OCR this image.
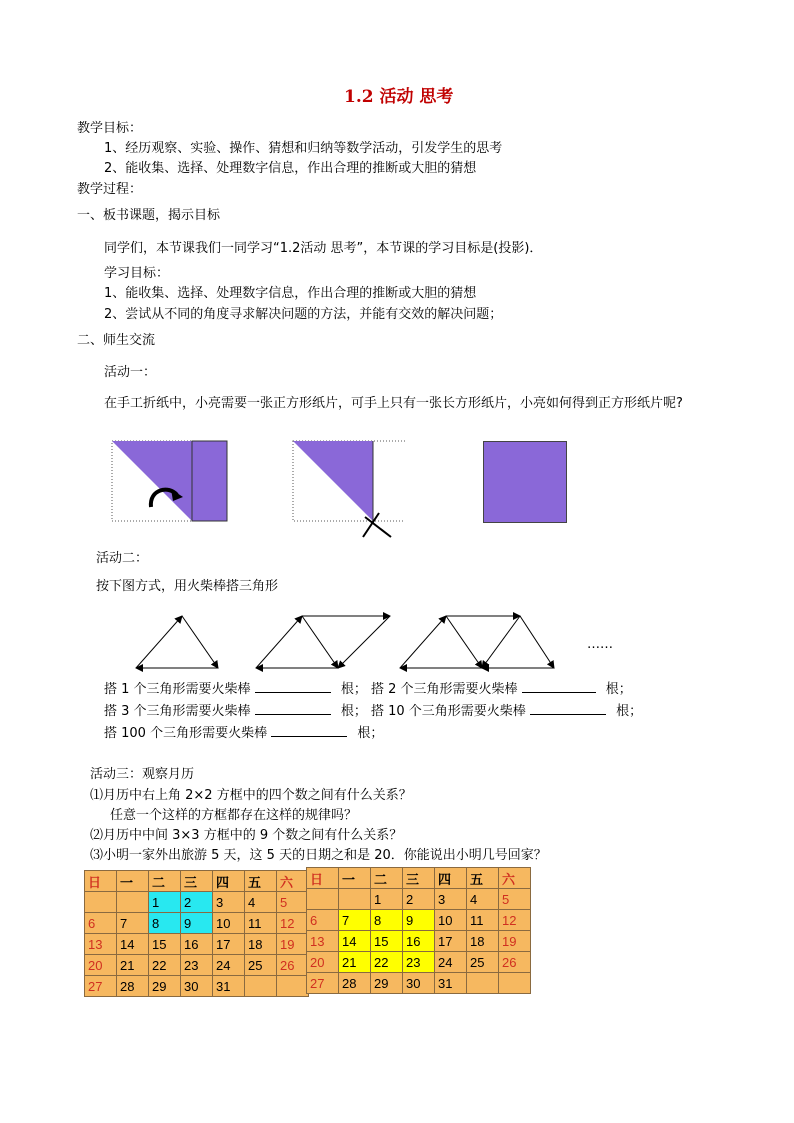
1.2 活动 思考
教学目标：
1、经历观察、实验、操作、猜想和归纳等数学活动，引发学生的思考
2、能收集、选择、处理数字信息，作出合理的推断或大胆的猜想
教学过程：
一、板书课题，揭示目标
同学们，本节课我们一同学习“1.2活动 思考”，本节课的学习目标是(投影)．
学习目标：
1、能收集、选择、处理数字信息，作出合理的推断或大胆的猜想
2、尝试从不同的角度寻求解决问题的方法，并能有交效的解决问题；
二、师生交流
活动一：
在手工折纸中，小亮需要一张正方形纸片，可手上只有一张长方形纸片，小亮如何得到正方形纸片呢?
活动二：
按下图方式，用火柴棒搭三角形
……
搭 1 个三角形需要火柴棒	根； 搭 2 个三角形需要火柴棒	根；
搭 3 个三角形需要火柴棒	根； 搭 10 个三角形需要火柴棒	根；
搭 100 个三角形需要火柴棒	根；
活动三：观察月历
⑴月历中右上角 2×2 方框中的四个数之间有什么关系？
任意一个这样的方框都存在这样的规律吗？
⑵月历中中间 3×3 方框中的 9 个数之间有什么关系？
⑶小明一家外出旅游 5 天，这 5 天的日期之和是 20．你能说出小明几号回家？
日	一	二	三	四	五	六
		1	2	3	4	5
6	7	8	9	10	11	12
13	14	15	16	17	18	19
20	21	22	23	24	25	26
27	28	29	30	31		
日	一	二	三	四	五	六
		1	2	3	4	5
6	7	8	9	10	11	12
13	14	15	16	17	18	19
20	21	22	23	24	25	26
27	28	29	30	31		
